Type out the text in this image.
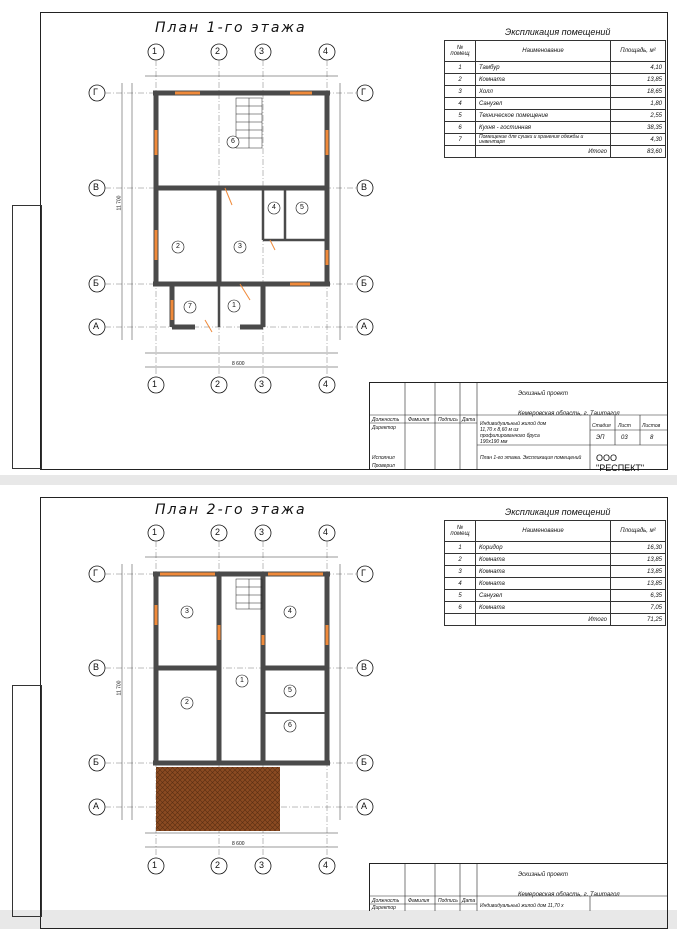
План 1-го этажа	Экспликация помещений
№ помещ	Наименование	Площадь, м²
1	Тамбур	4,10
2	Комната	13,85
3	Холл	18,65
4	Санузел	1,80
5	Техническое помещение	2,55
6	Кухня - гостинная	38,35
7	Помещение для сушки и хранения одежды и инвентаря	4,30
	Итого	83,60
1	2	3	4
1	2	3	4
Г
В
Б
А
Г
В
Б
А
6
2	3
4	5
1
7
8 600
11 700
Эскизный проект
Кемеровская область, г. Таштагол
Индивидуальный жилой дом 11,70 x 8,60 м из профилированного бруса 190x190 мм
Стадия Лист Листов
ЭП	03	8
План 1-го этажа. Экспликация помещений ООО "РЕСПЕКТ"
Должность Фамилия Подпись Дата
Директор
Исполнил
Проверил
План 2-го этажа	Экспликация помещений
№ помещ	Наименование	Площадь, м²
1	Коридор	16,30
2	Комната	13,85
3	Комната	13,85
4	Комната	13,85
5	Санузел	6,35
6	Комната	7,05
	Итого	71,25
1	2	3	4
1	2	3	4
Г
В
Б
А
Г
В
Б
А
3	4
1
2
5
6
8 600
11 700
Эскизный проект
Кемеровская область, г. Таштагол
Индивидуальный жилой дом 11,70 x
Должность Фамилия Подпись Дата
Директор
